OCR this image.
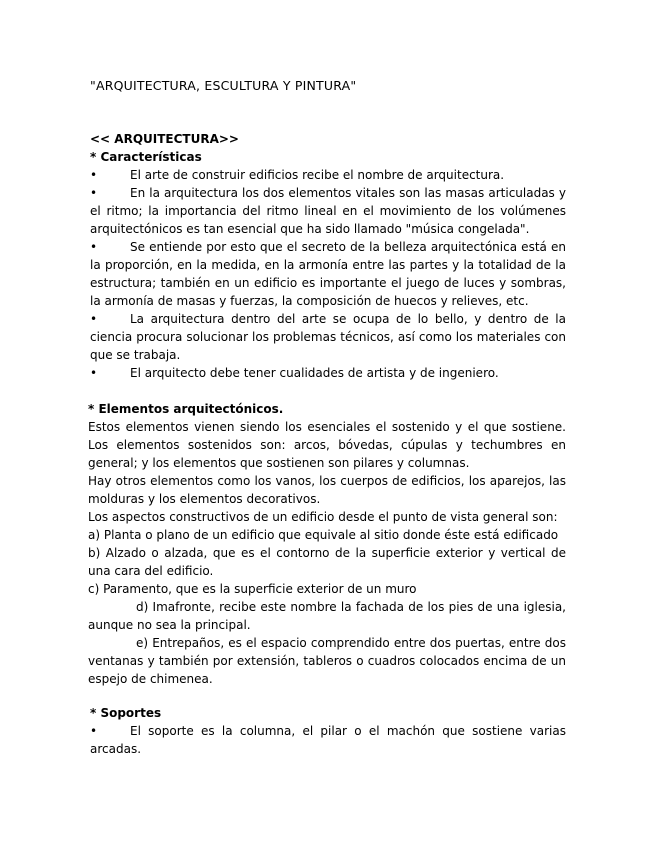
"ARQUITECTURA, ESCULTURA Y PINTURA"

<< ARQUITECTURA>>

* Características

•	El arte de construir edificios recibe el nombre de arquitectura.

•	En la arquitectura los dos elementos vitales son las masas articuladas y el ritmo; la importancia del ritmo lineal en el movimiento de los volúmenes arquitectónicos es tan esencial que ha sido llamado "música congelada".

•	Se entiende por esto que el secreto de la belleza arquitectónica está en la proporción, en la medida, en la armonía entre las partes y la totalidad de la estructura; también en un edificio es importante el juego de luces y sombras, la armonía de masas y fuerzas, la composición de huecos y relieves, etc.

•	La arquitectura dentro del arte se ocupa de lo bello, y dentro de la ciencia procura solucionar los problemas técnicos, así como los materiales con que se trabaja.

•	El arquitecto debe tener cualidades de artista y de ingeniero.

* Elementos arquitectónicos.

Estos elementos vienen siendo los esenciales el sostenido y el que sostiene. Los elementos sostenidos son: arcos, bóvedas, cúpulas y techumbres en general; y los elementos que sostienen son pilares y columnas.

Hay otros elementos como los vanos, los cuerpos de edificios, los aparejos, las molduras y los elementos decorativos.

Los aspectos constructivos de un edificio desde el punto de vista general son:

a) Planta o plano de un edificio que equivale al sitio donde éste está edificado

b) Alzado o alzada, que es el contorno de la superficie exterior y vertical de una cara del edificio.

c) Paramento, que es la superficie exterior de un muro

d) Imafronte, recibe este nombre la fachada de los pies de una iglesia, aunque no sea la principal.

e) Entrepaños, es el espacio comprendido entre dos puertas, entre dos ventanas y también por extensión, tableros o cuadros colocados encima de un espejo de chimenea.

* Soportes

•	El soporte es la columna, el pilar o el machón que sostiene varias arcadas.
